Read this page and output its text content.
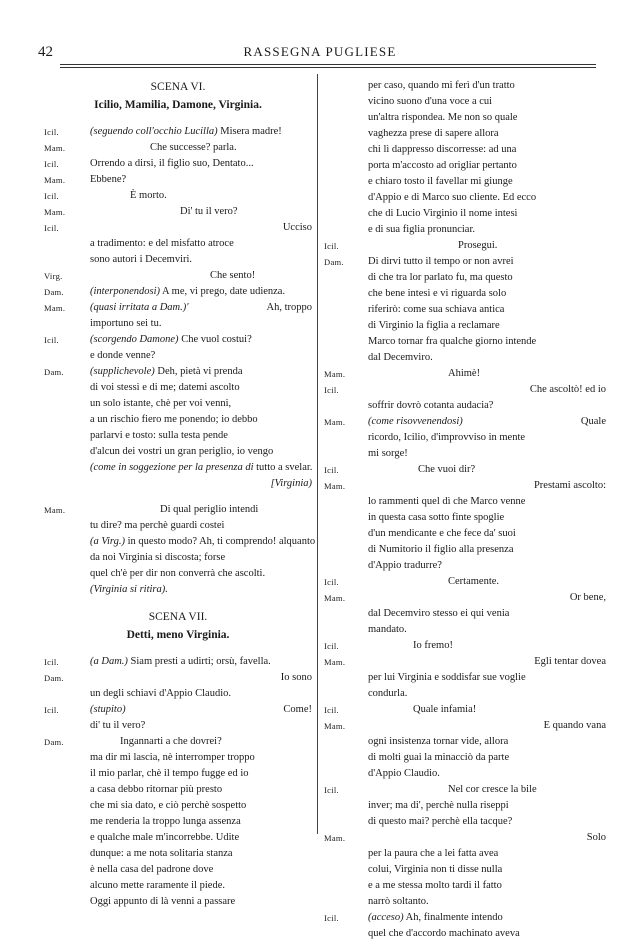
42	RASSEGNA PUGLIESE
SCENA VI.
Icilio, Mamilia, Damone, Virginia.
Icil.	(seguendo coll'occhio Lucilla) Misera madre!
Mam.	Che successe? parla.
Icil.	Orrendo a dirsi, il figlio suo, Dentato...
Mam. Ebbene?
Icil.	È morto.
Mam.	Di' tu il vero?
Icil.	Ucciso
a tradimento: e del misfatto atroce
sono autori i Decemviri.
Virg.	Che sento!
Dam. (interponendosi) A me, vi prego, date udienza.
Mam. (quasi irritata a Dam.)'	Ah, troppo
importuno sei tu.
Icil.	(scorgendo Damone) Che vuol costui?
e donde venne?
Dam. (supplichevole) Deh, pietà vi prenda
di voi stessi e di me; datemi ascolto
un solo istante, chè per voi venni,
a un rischio fiero me ponendo; io debbo
parlarvi e tosto: sulla testa pende
d'alcun dei vostri un gran periglio, io vengo
(come in soggezione per la presenza di tutto a svelar.
[Virginia)
Mam.	Di qual periglio intendi
tu dire? ma perchè guardi costei
(a Virg.) in questo modo? Ah, ti comprendo! alquanto
da noi Virginia si discosta; forse
quel ch'è per dir non converrà che ascolti.
(Virginia si ritira).
SCENA VII.
Detti, meno Virginia.
Icil.	(a Dam.) Siam presti a udirti; orsù, favella.
Dam.	Io sono
un degli schiavi d'Appio Claudio.
Icil.	(stupito)	Come!
di' tu il vero?
Dam.	Ingannarti a che dovrei?
ma dir mi lascia, nè interromper troppo
il mio parlar, chè il tempo fugge ed io
a casa debbo ritornar più presto
che mi sia dato, e ciò perchè sospetto
me renderia la troppo lunga assenza
e qualche male m'incorrebbe. Udite
dunque: a me nota solitaria stanza
è nella casa del padrone dove
alcuno mette raramente il piede.
Oggi appunto di là venni a passare
per caso, quando mi ferì d'un tratto
vicino suono d'una voce a cui
un'altra rispondea. Me non so quale
vaghezza prese di sapere allora
chi lì dappresso discorresse: ad una
porta m'accosto ad origliar pertanto
e chiaro tosto il favellar mi giunge
d'Appio e di Marco suo cliente. Ed ecco
che di Lucio Virginio il nome intesi
e di sua figlia pronunciar.
Icil.	Prosegui.
Dam. Di dirvi tutto il tempo or non avrei
di che tra lor parlato fu, ma questo
che bene intesi e vi riguarda solo
riferirò: come sua schiava antica
di Virginio la figlia a reclamare
Marco tornar fra qualche giorno intende
dal Decemviro.
Mam.	Ahimè!
Icil.	Che ascoltò! ed io
soffrir dovrò cotanta audacia?
Mam. (come risovvenendosi)	Quale
ricordo, Icilio, d'improvviso in mente
mi sorge!
Icil.	Che vuoi dir?
Mam.	Prestami ascolto:
lo rammenti quel dì che Marco venne
in questa casa sotto finte spoglie
d'un mendicante e che fece da' suoi
di Numitorio il figlio alla presenza
d'Appio tradurre?
Icil.	Certamente.
Mam.	Or bene,
dal Decemviro stesso ei qui venia
mandato.
Icil.	Io fremo!
Mam.	Egli tentar dovea
per lui Virginia e soddisfar sue voglie
condurla.
Icil.	Quale infamia!
Mam.	E quando vana
ogni insistenza tornar vide, allora
di molti guai la minacciò da parte
d'Appio Claudio.
Icil.	Nel cor cresce la bile
inver; ma di', perchè nulla riseppi
di questo mai? perchè ella tacque?
Mam.	Solo
per la paura che a lei fatta avea
colui, Virginia non ti disse nulla
e a me stessa molto tardi il fatto
narrò soltanto.
Icil.	(acceso) Ah, finalmente intendo
quel che d'accordo machinato aveva
